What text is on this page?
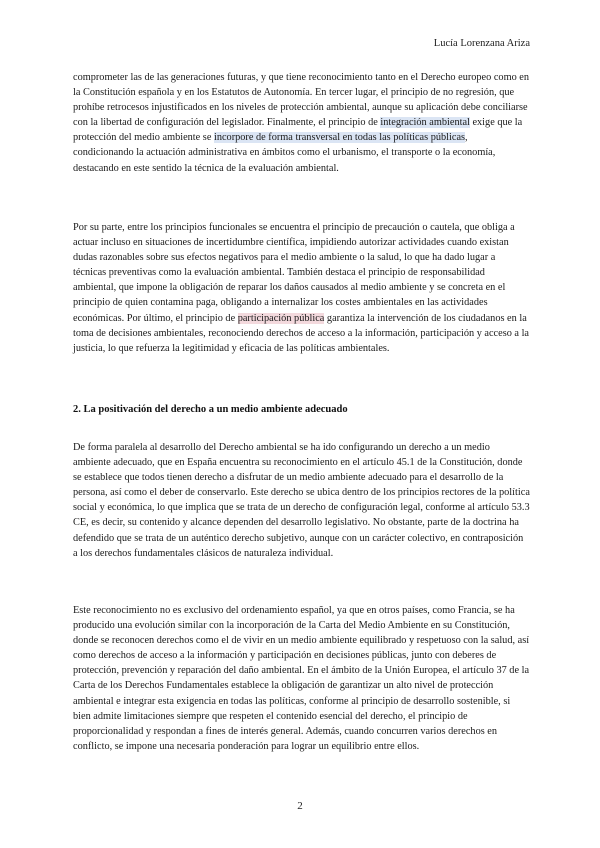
Lucía Lorenzana Ariza

comprometer las de las generaciones futuras, y que tiene reconocimiento tanto en el Derecho europeo como en la Constitución española y en los Estatutos de Autonomía. En tercer lugar, el principio de no regresión, que prohíbe retrocesos injustificados en los niveles de protección ambiental, aunque su aplicación debe conciliarse con la libertad de configuración del legislador. Finalmente, el principio de integración ambiental exige que la protección del medio ambiente se incorpore de forma transversal en todas las políticas públicas, condicionando la actuación administrativa en ámbitos como el urbanismo, el transporte o la economía, destacando en este sentido la técnica de la evaluación ambiental.

Por su parte, entre los principios funcionales se encuentra el principio de precaución o cautela, que obliga a actuar incluso en situaciones de incertidumbre científica, impidiendo autorizar actividades cuando existan dudas razonables sobre sus efectos negativos para el medio ambiente o la salud, lo que ha dado lugar a técnicas preventivas como la evaluación ambiental. También destaca el principio de responsabilidad ambiental, que impone la obligación de reparar los daños causados al medio ambiente y se concreta en el principio de quien contamina paga, obligando a internalizar los costes ambientales en las actividades económicas. Por último, el principio de participación pública garantiza la intervención de los ciudadanos en la toma de decisiones ambientales, reconociendo derechos de acceso a la información, participación y acceso a la justicia, lo que refuerza la legitimidad y eficacia de las políticas ambientales.

2. La positivación del derecho a un medio ambiente adecuado

De forma paralela al desarrollo del Derecho ambiental se ha ido configurando un derecho a un medio ambiente adecuado, que en España encuentra su reconocimiento en el artículo 45.1 de la Constitución, donde se establece que todos tienen derecho a disfrutar de un medio ambiente adecuado para el desarrollo de la persona, así como el deber de conservarlo. Este derecho se ubica dentro de los principios rectores de la política social y económica, lo que implica que se trata de un derecho de configuración legal, conforme al artículo 53.3 CE, es decir, su contenido y alcance dependen del desarrollo legislativo. No obstante, parte de la doctrina ha defendido que se trata de un auténtico derecho subjetivo, aunque con un carácter colectivo, en contraposición a los derechos fundamentales clásicos de naturaleza individual.

Este reconocimiento no es exclusivo del ordenamiento español, ya que en otros países, como Francia, se ha producido una evolución similar con la incorporación de la Carta del Medio Ambiente en su Constitución, donde se reconocen derechos como el de vivir en un medio ambiente equilibrado y respetuoso con la salud, así como derechos de acceso a la información y participación en decisiones públicas, junto con deberes de protección, prevención y reparación del daño ambiental. En el ámbito de la Unión Europea, el artículo 37 de la Carta de los Derechos Fundamentales establece la obligación de garantizar un alto nivel de protección ambiental e integrar esta exigencia en todas las políticas, conforme al principio de desarrollo sostenible, si bien admite limitaciones siempre que respeten el contenido esencial del derecho, el principio de proporcionalidad y respondan a fines de interés general. Además, cuando concurren varios derechos en conflicto, se impone una necesaria ponderación para lograr un equilibrio entre ellos.

2
